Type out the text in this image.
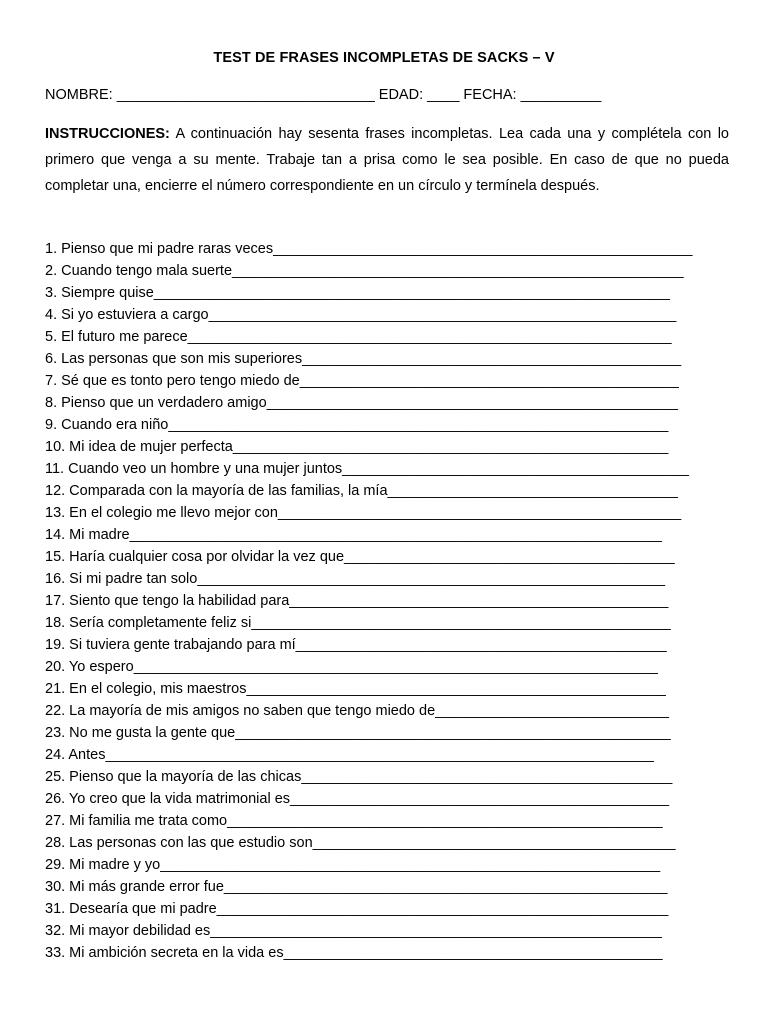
TEST DE FRASES INCOMPLETAS DE SACKS – V
NOMBRE: ________________________________ EDAD: ____ FECHA: __________
INSTRUCCIONES: A continuación hay sesenta frases incompletas. Lea cada una y complétela con lo primero que venga a su mente. Trabaje tan a prisa como le sea posible. En caso de que no pueda completar una, encierre el número correspondiente en un círculo y termínela después.
1. Pienso que mi padre raras veces____________________________________________________
2. Cuando tengo mala suerte________________________________________________________
3. Siempre quise________________________________________________________________
4. Si yo estuviera a cargo__________________________________________________________
5. El futuro me parece____________________________________________________________
6. Las personas que son mis superiores_______________________________________________
7. Sé que es tonto pero tengo miedo de_______________________________________________
8. Pienso que un verdadero amigo___________________________________________________
9. Cuando era niño______________________________________________________________
10. Mi idea de mujer perfecta______________________________________________________
11. Cuando veo un hombre y una mujer juntos___________________________________________
12. Comparada con la mayoría de las familias, la mía____________________________________
13. En el colegio me llevo mejor con__________________________________________________
14. Mi madre__________________________________________________________________
15. Haría cualquier cosa por olvidar la vez que_________________________________________
16. Si mi padre tan solo__________________________________________________________
17. Siento que tengo la habilidad para_______________________________________________
18. Sería completamente feliz si____________________________________________________
19. Si tuviera gente trabajando para mí______________________________________________
20. Yo espero_________________________________________________________________
21. En el colegio, mis maestros____________________________________________________
22. La mayoría de mis amigos no saben que tengo miedo de_____________________________
23. No me gusta la gente que______________________________________________________
24. Antes____________________________________________________________________
25. Pienso que la mayoría de las chicas______________________________________________
26. Yo creo que la vida matrimonial es_______________________________________________
27. Mi familia me trata como______________________________________________________
28. Las personas con las que estudio son_____________________________________________
29. Mi madre y yo______________________________________________________________
30. Mi más grande error fue_______________________________________________________
31. Desearía que mi padre________________________________________________________
32. Mi mayor debilidad es________________________________________________________
33. Mi ambición secreta en la vida es_______________________________________________
